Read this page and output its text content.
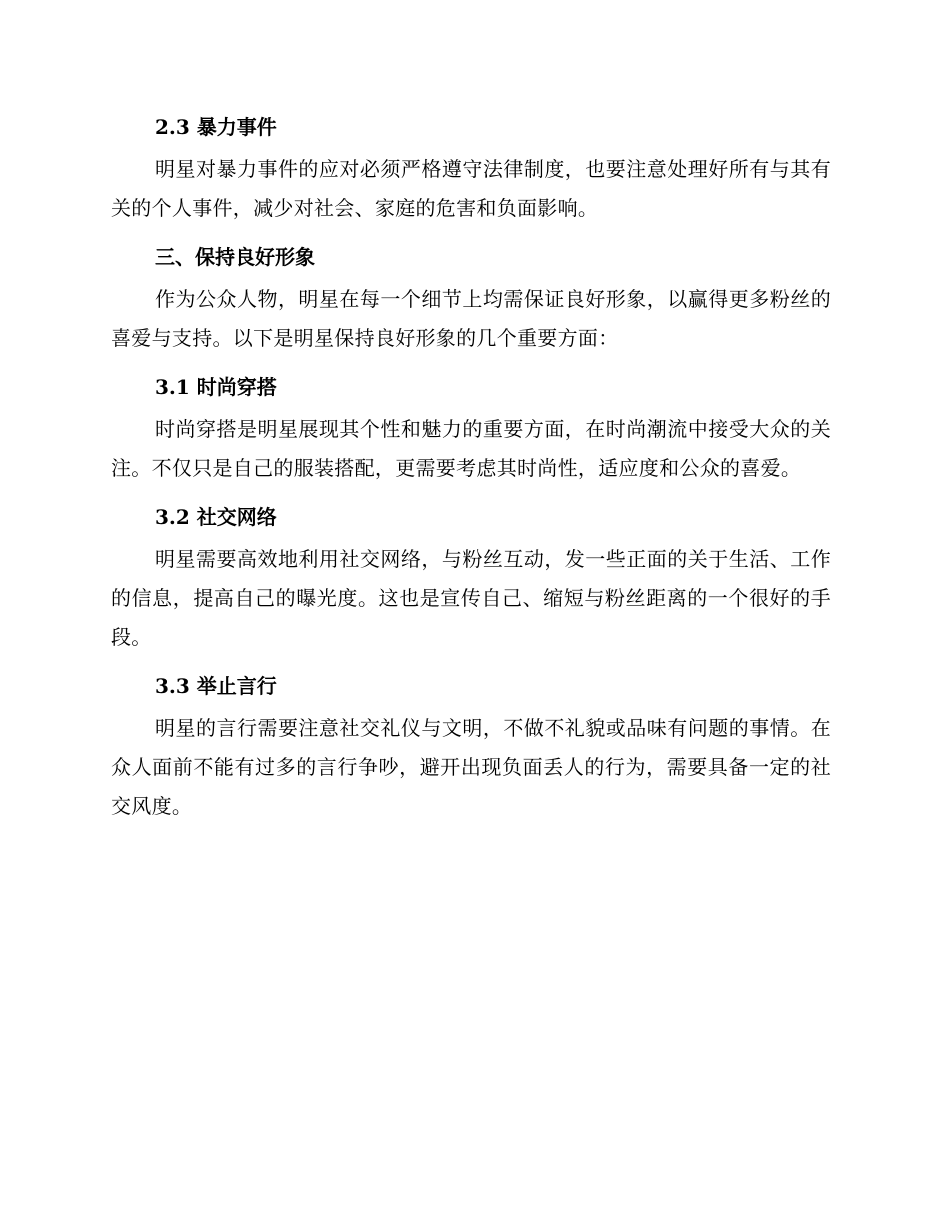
2.3 暴力事件

明星对暴力事件的应对必须严格遵守法律制度，也要注意处理好所有与其有关的个人事件，减少对社会、家庭的危害和负面影响。

三、保持良好形象

作为公众人物，明星在每一个细节上均需保证良好形象，以赢得更多粉丝的喜爱与支持。以下是明星保持良好形象的几个重要方面：

3.1 时尚穿搭

时尚穿搭是明星展现其个性和魅力的重要方面，在时尚潮流中接受大众的关注。不仅只是自己的服装搭配，更需要考虑其时尚性，适应度和公众的喜爱。

3.2 社交网络

明星需要高效地利用社交网络，与粉丝互动，发一些正面的关于生活、工作的信息，提高自己的曝光度。这也是宣传自己、缩短与粉丝距离的一个很好的手段。

3.3 举止言行

明星的言行需要注意社交礼仪与文明，不做不礼貌或品味有问题的事情。在众人面前不能有过多的言行争吵，避开出现负面丢人的行为，需要具备一定的社交风度。
